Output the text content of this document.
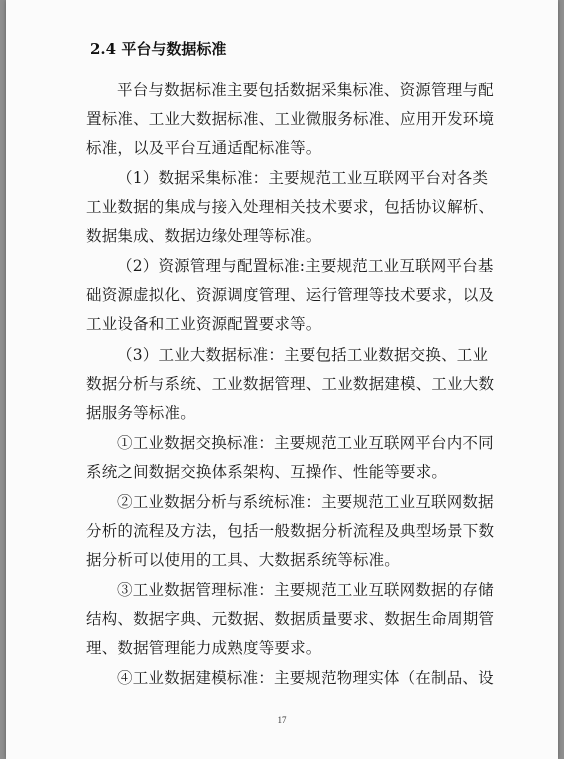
2.4 平台与数据标准
平台与数据标准主要包括数据采集标准、资源管理与配
置标准、工业大数据标准、工业微服务标准、应用开发环境
标准，以及平台互通适配标准等。
（1）数据采集标准：主要规范工业互联网平台对各类
工业数据的集成与接入处理相关技术要求，包括协议解析、
数据集成、数据边缘处理等标准。
（2）资源管理与配置标准:主要规范工业互联网平台基
础资源虚拟化、资源调度管理、运行管理等技术要求，以及
工业设备和工业资源配置要求等。
（3）工业大数据标准：主要包括工业数据交换、工业
数据分析与系统、工业数据管理、工业数据建模、工业大数
据服务等标准。
①工业数据交换标准：主要规范工业互联网平台内不同
系统之间数据交换体系架构、互操作、性能等要求。
②工业数据分析与系统标准：主要规范工业互联网数据
分析的流程及方法，包括一般数据分析流程及典型场景下数
据分析可以使用的工具、大数据系统等标准。
③工业数据管理标准：主要规范工业互联网数据的存储
结构、数据字典、元数据、数据质量要求、数据生命周期管
理、数据管理能力成熟度等要求。
④工业数据建模标准：主要规范物理实体（在制品、设
17
